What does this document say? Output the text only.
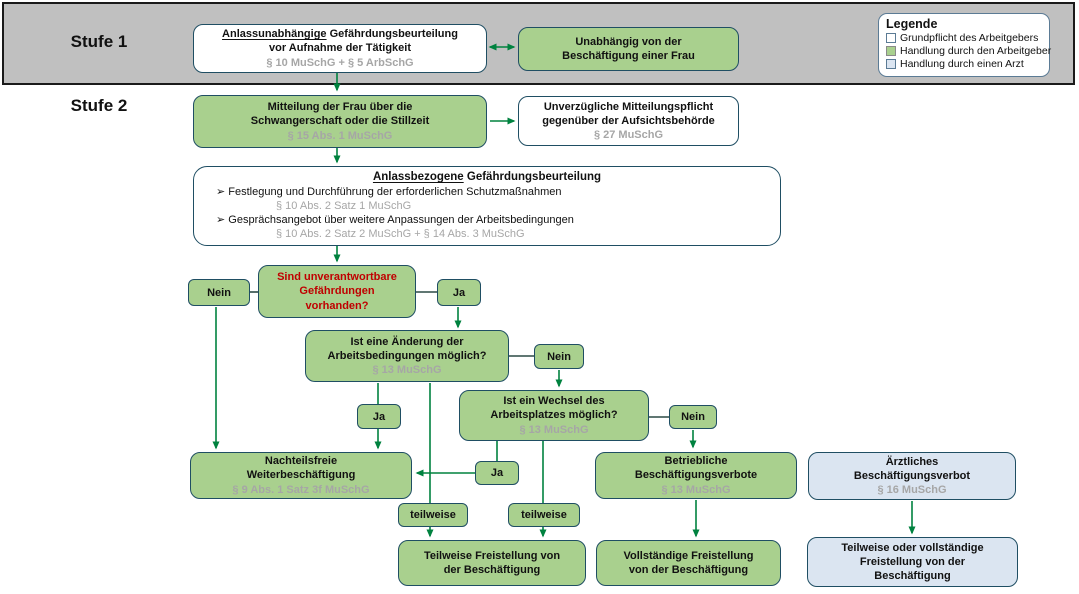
Stufe 1
Stufe 2
Anlassunabhängige Gefährdungsbeurteilung
vor Aufnahme der Tätigkeit
§ 10 MuSchG + § 5 ArbSchG
Unabhängig von der
Beschäftigung einer Frau
Legende
Grundpflicht des Arbeitgebers
Handlung durch den Arbeitgeber
Handlung durch einen Arzt
Mitteilung der Frau über die
Schwangerschaft oder die Stillzeit
§ 15 Abs. 1 MuSchG
Unverzügliche Mitteilungspflicht
gegenüber der Aufsichtsbehörde
§ 27 MuSchG
Anlassbezogene Gefährdungsbeurteilung
➢ Festlegung und Durchführung der erforderlichen Schutzmaßnahmen
§ 10 Abs. 2 Satz 1 MuSchG
➢ Gesprächsangebot über weitere Anpassungen der Arbeitsbedingungen
§ 10 Abs. 2 Satz 2 MuSchG + § 14 Abs. 3 MuSchG
Sind unverantwortbare
Gefährdungen
vorhanden?
Nein	Ja
Ist eine Änderung der
Arbeitsbedingungen möglich?
§ 13 MuSchG
Nein
Ja
Ist ein Wechsel des
Arbeitsplatzes möglich?
§ 13 MuSchG
Nein
Ja
Nachteilsfreie
Weiterbeschäftigung
§ 9 Abs. 1 Satz 3f MuSchG
Betriebliche
Beschäftigungsverbote
§ 13 MuSchG
Ärztliches
Beschäftigungsverbot
§ 16 MuSchG
teilweise	teilweise
Teilweise Freistellung von
der Beschäftigung
Vollständige Freistellung
von der Beschäftigung
Teilweise oder vollständige
Freistellung von der
Beschäftigung
